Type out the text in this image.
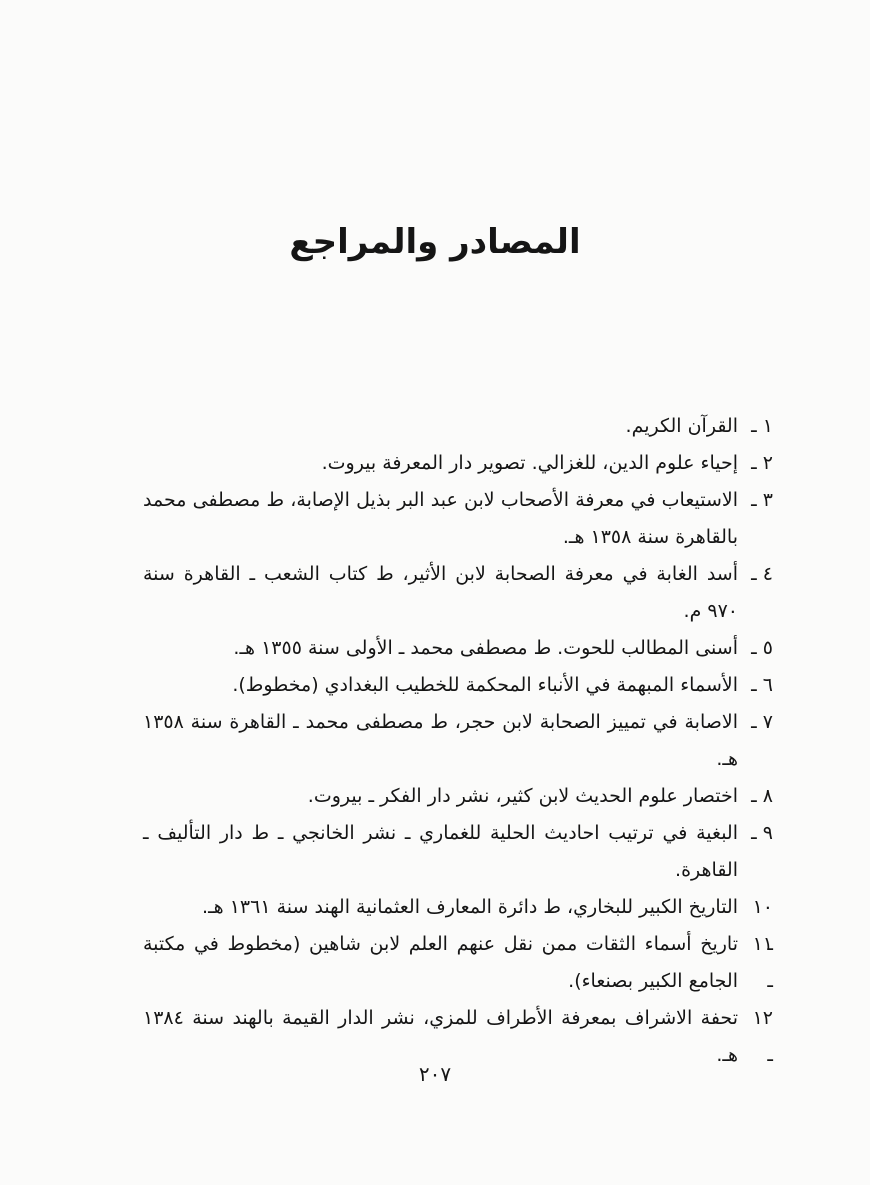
المصادر والمراجع
١ ـ
القرآن الكريم.
٢ ـ
إحياء علوم الدين، للغزالي. تصوير دار المعرفة بيروت.
٣ ـ
الاستيعاب في معرفة الأصحاب لابن عبد البر بذيل الإصابة، ط مصطفى محمد بالقاهرة سنة ١٣٥٨ هـ.
٤ ـ
أسد الغابة في معرفة الصحابة لابن الأثير، ط كتاب الشعب ـ القاهرة سنة ٩٧٠ م.
٥ ـ
أسنى المطالب للحوت. ط مصطفى محمد ـ الأولى سنة ١٣٥٥ هـ.
٦ ـ
الأسماء المبهمة في الأنباء المحكمة للخطيب البغدادي (مخطوط).
٧ ـ
الاصابة في تمييز الصحابة لابن حجر، ط مصطفى محمد ـ القاهرة سنة ١٣٥٨ هـ.
٨ ـ
اختصار علوم الحديث لابن كثير، نشر دار الفكر ـ بيروت.
٩ ـ
البغية في ترتيب احاديث الحلية للغماري ـ نشر الخانجي ـ ط دار التأليف ـ القاهرة.
١٠ ـ
التاريخ الكبير للبخاري، ط دائرة المعارف العثمانية الهند سنة ١٣٦١ هـ.
١١ ـ
تاريخ أسماء الثقات ممن نقل عنهم العلم لابن شاهين (مخطوط في مكتبة الجامع الكبير بصنعاء).
١٢ ـ
تحفة الاشراف بمعرفة الأطراف للمزي، نشر الدار القيمة بالهند سنة ١٣٨٤ هـ.
٢٠٧
